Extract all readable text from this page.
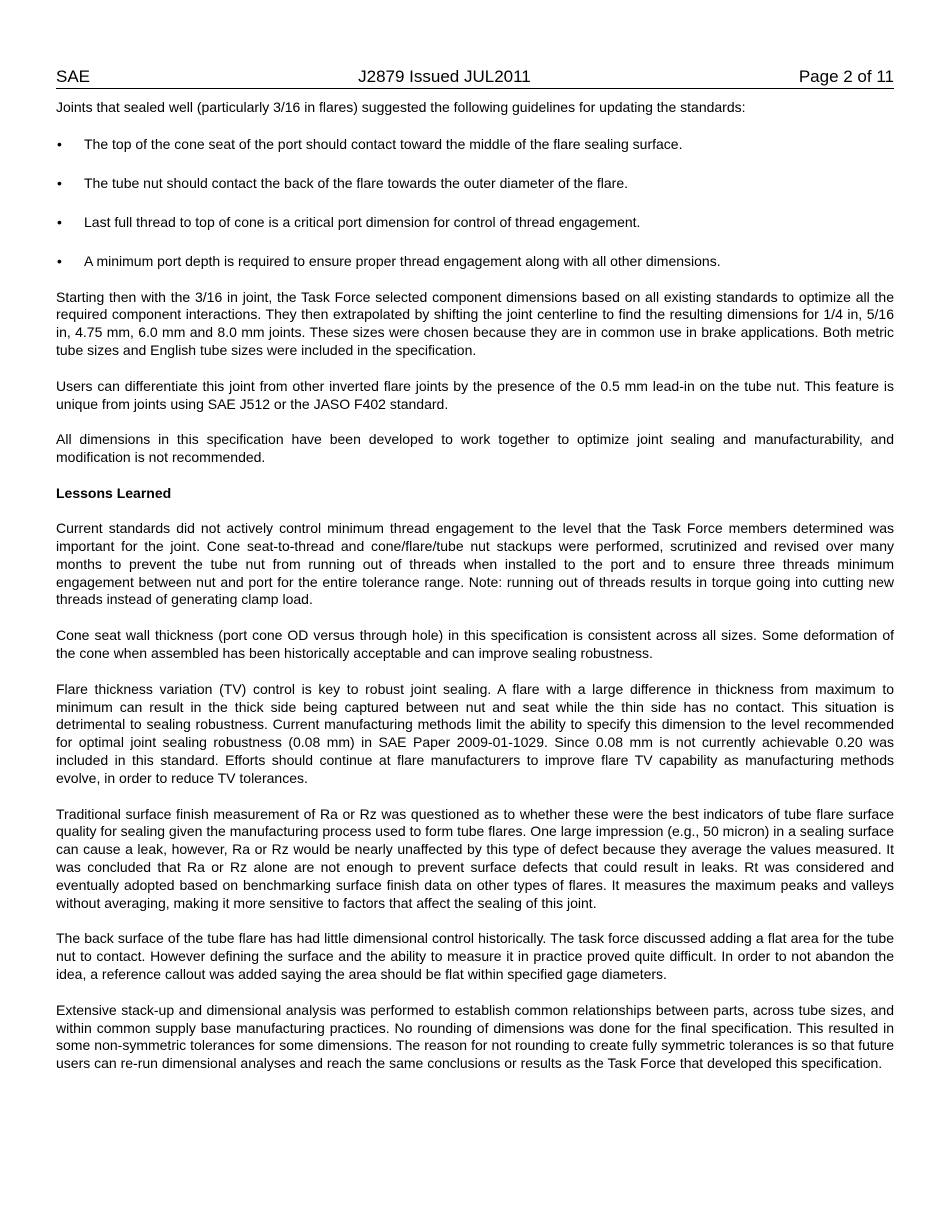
SAE	J2879 Issued JUL2011	Page 2 of 11

Joints that sealed well (particularly 3/16 in flares) suggested the following guidelines for updating the standards:

• The top of the cone seat of the port should contact toward the middle of the flare sealing surface.
• The tube nut should contact the back of the flare towards the outer diameter of the flare.
• Last full thread to top of cone is a critical port dimension for control of thread engagement.
• A minimum port depth is required to ensure proper thread engagement along with all other dimensions.

Starting then with the 3/16 in joint, the Task Force selected component dimensions based on all existing standards to optimize all the required component interactions. They then extrapolated by shifting the joint centerline to find the resulting dimensions for 1/4 in, 5/16 in, 4.75 mm, 6.0 mm and 8.0 mm joints. These sizes were chosen because they are in common use in brake applications. Both metric tube sizes and English tube sizes were included in the specification.

Users can differentiate this joint from other inverted flare joints by the presence of the 0.5 mm lead-in on the tube nut. This feature is unique from joints using SAE J512 or the JASO F402 standard.

All dimensions in this specification have been developed to work together to optimize joint sealing and manufacturability, and modification is not recommended.

Lessons Learned

Current standards did not actively control minimum thread engagement to the level that the Task Force members determined was important for the joint. Cone seat-to-thread and cone/flare/tube nut stackups were performed, scrutinized and revised over many months to prevent the tube nut from running out of threads when installed to the port and to ensure three threads minimum engagement between nut and port for the entire tolerance range. Note: running out of threads results in torque going into cutting new threads instead of generating clamp load.

Cone seat wall thickness (port cone OD versus through hole) in this specification is consistent across all sizes. Some deformation of the cone when assembled has been historically acceptable and can improve sealing robustness.

Flare thickness variation (TV) control is key to robust joint sealing. A flare with a large difference in thickness from maximum to minimum can result in the thick side being captured between nut and seat while the thin side has no contact. This situation is detrimental to sealing robustness. Current manufacturing methods limit the ability to specify this dimension to the level recommended for optimal joint sealing robustness (0.08 mm) in SAE Paper 2009-01-1029. Since 0.08 mm is not currently achievable 0.20 was included in this standard. Efforts should continue at flare manufacturers to improve flare TV capability as manufacturing methods evolve, in order to reduce TV tolerances.

Traditional surface finish measurement of Ra or Rz was questioned as to whether these were the best indicators of tube flare surface quality for sealing given the manufacturing process used to form tube flares. One large impression (e.g., 50 micron) in a sealing surface can cause a leak, however, Ra or Rz would be nearly unaffected by this type of defect because they average the values measured. It was concluded that Ra or Rz alone are not enough to prevent surface defects that could result in leaks. Rt was considered and eventually adopted based on benchmarking surface finish data on other types of flares. It measures the maximum peaks and valleys without averaging, making it more sensitive to factors that affect the sealing of this joint.

The back surface of the tube flare has had little dimensional control historically. The task force discussed adding a flat area for the tube nut to contact. However defining the surface and the ability to measure it in practice proved quite difficult. In order to not abandon the idea, a reference callout was added saying the area should be flat within specified gage diameters.

Extensive stack-up and dimensional analysis was performed to establish common relationships between parts, across tube sizes, and within common supply base manufacturing practices. No rounding of dimensions was done for the final specification. This resulted in some non-symmetric tolerances for some dimensions. The reason for not rounding to create fully symmetric tolerances is so that future users can re-run dimensional analyses and reach the same conclusions or results as the Task Force that developed this specification.
